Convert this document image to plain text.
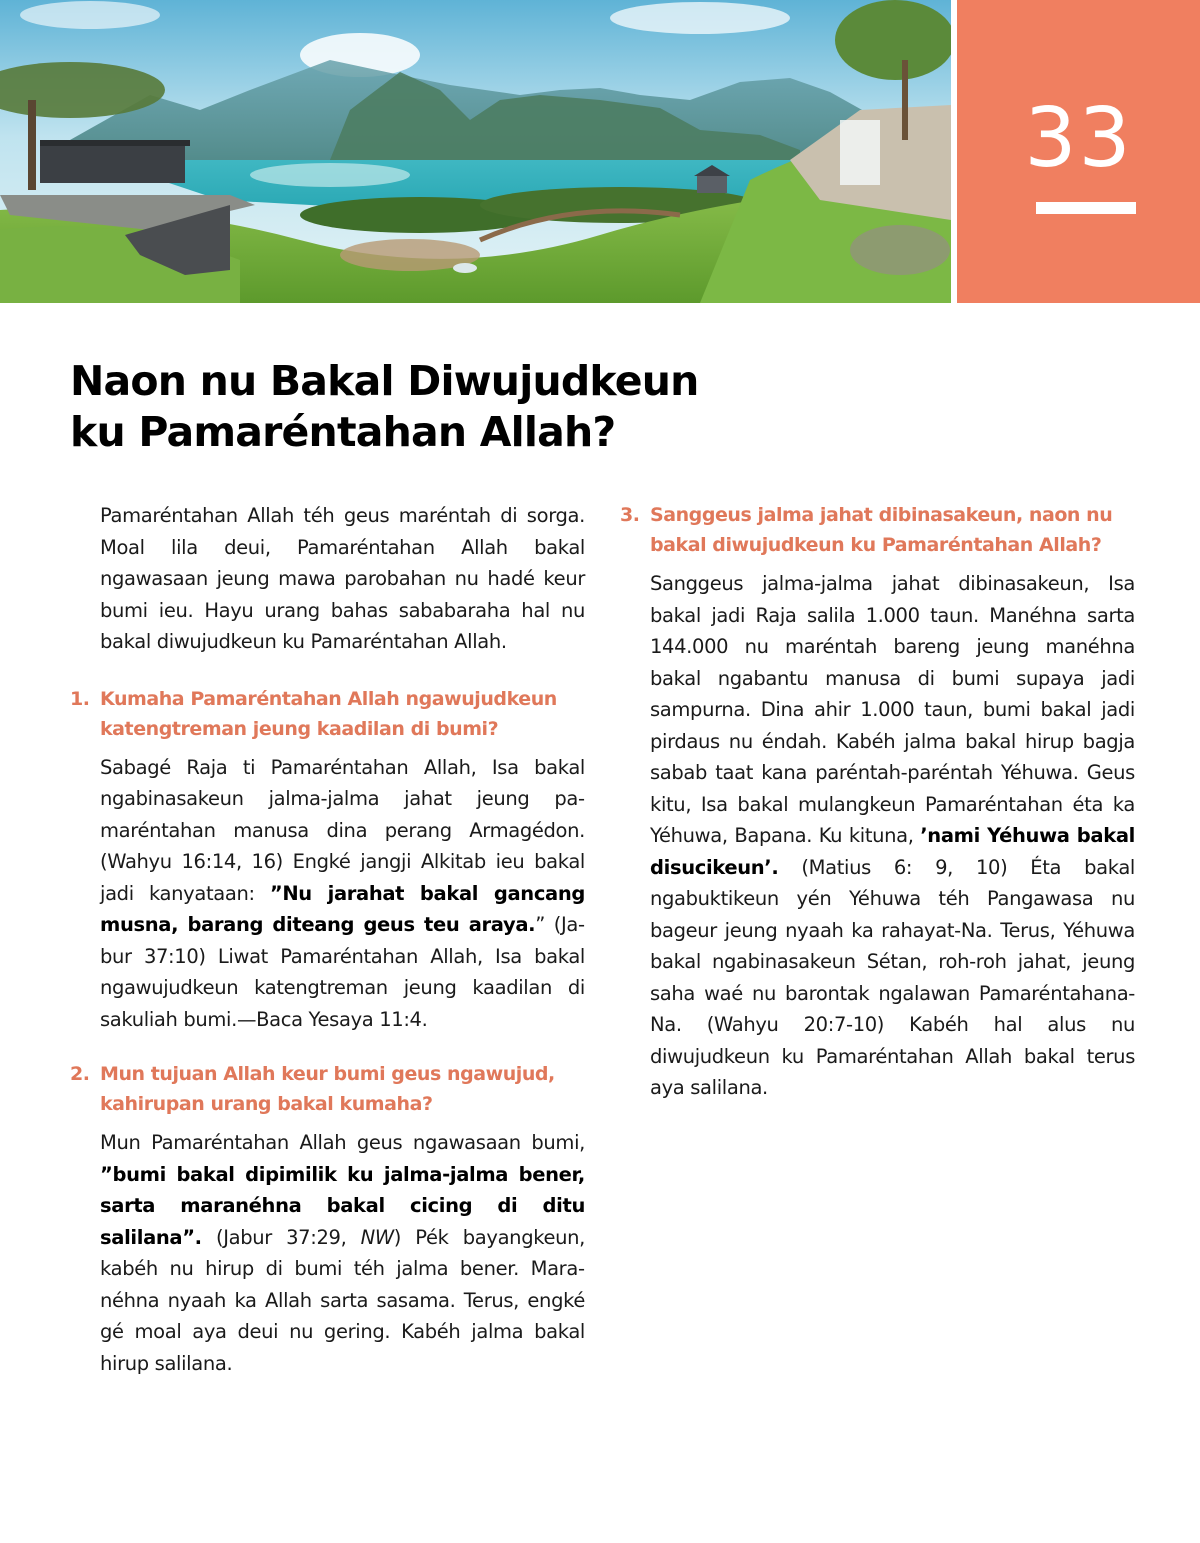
33
Naon nu Bakal Diwujudkeun
ku Pamaréntahan Allah?

Pamaréntahan Allah téh geus maréntah di sorga. Moal lila deui, Pamaréntahan Allah bakal ngawasaan jeung mawa parobahan nu hadé keur bumi ieu. Hayu urang bahas sababaraha hal nu bakal diwujudkeun ku Pamaréntahan Allah.

1. Kumaha Pamaréntahan Allah ngawujudkeun katengtreman jeung kaadilan di bumi?

Sabagé Raja ti Pamaréntahan Allah, Isa bakal ngabinasakeun jalma-jalma jahat jeung pamaréntahan manusa dina perang Armagédon. (Wahyu 16:14, 16) Engké jangji Alkitab ieu bakal jadi kanyataan: ”Nu jarahat bakal gancang musna, barang diteang geus teu araya.” (Jabur 37:10) Liwat Pamaréntahan Allah, Isa bakal ngawujudkeun katengtreman jeung kaadilan di sakuliah bumi.—Baca Yesaya 11:4.

2. Mun tujuan Allah keur bumi geus ngawujud, kahirupan urang bakal kumaha?

Mun Pamaréntahan Allah geus ngawasaan bumi, ”bumi bakal dipimilik ku jalma-jalma bener, sarta maranéhna bakal cicing di ditu salilana”. (Jabur 37:29, NW) Pék bayangkeun, kabéh nu hirup di bumi téh jalma bener. Maranéhna nyaah ka Allah sarta sasama. Terus, engké gé moal aya deui nu gering. Kabéh jalma bakal hirup salilana.

3. Sanggeus jalma jahat dibinasakeun, naon nu bakal diwujudkeun ku Pamaréntahan Allah?

Sanggeus jalma-jalma jahat dibinasakeun, Isa bakal jadi Raja salila 1.000 taun. Manéhna sarta 144.000 nu maréntah bareng jeung manéhna bakal ngabantu manusa di bumi supaya jadi sampurna. Dina ahir 1.000 taun, bumi bakal jadi pirdaus nu éndah. Kabéh jalma bakal hirup bagja sabab taat kana paréntah-paréntah Yéhuwa. Geus kitu, Isa bakal mulangkeun Pamaréntahan éta ka Yéhuwa, Bapana. Ku kituna, ’nami Yéhuwa bakal disucikeun’. (Matius 6: 9, 10) Éta bakal ngabuktikeun yén Yéhuwa téh Pangawasa nu bageur jeung nyaah ka rahayat-Na. Terus, Yéhuwa bakal ngabinasakeun Sétan, roh-roh jahat, jeung saha waé nu barontak ngalawan Pamaréntahana-Na. (Wahyu 20:7-10) Kabéh hal alus nu diwujudkeun ku Pamaréntahan Allah bakal terus aya salilana.
